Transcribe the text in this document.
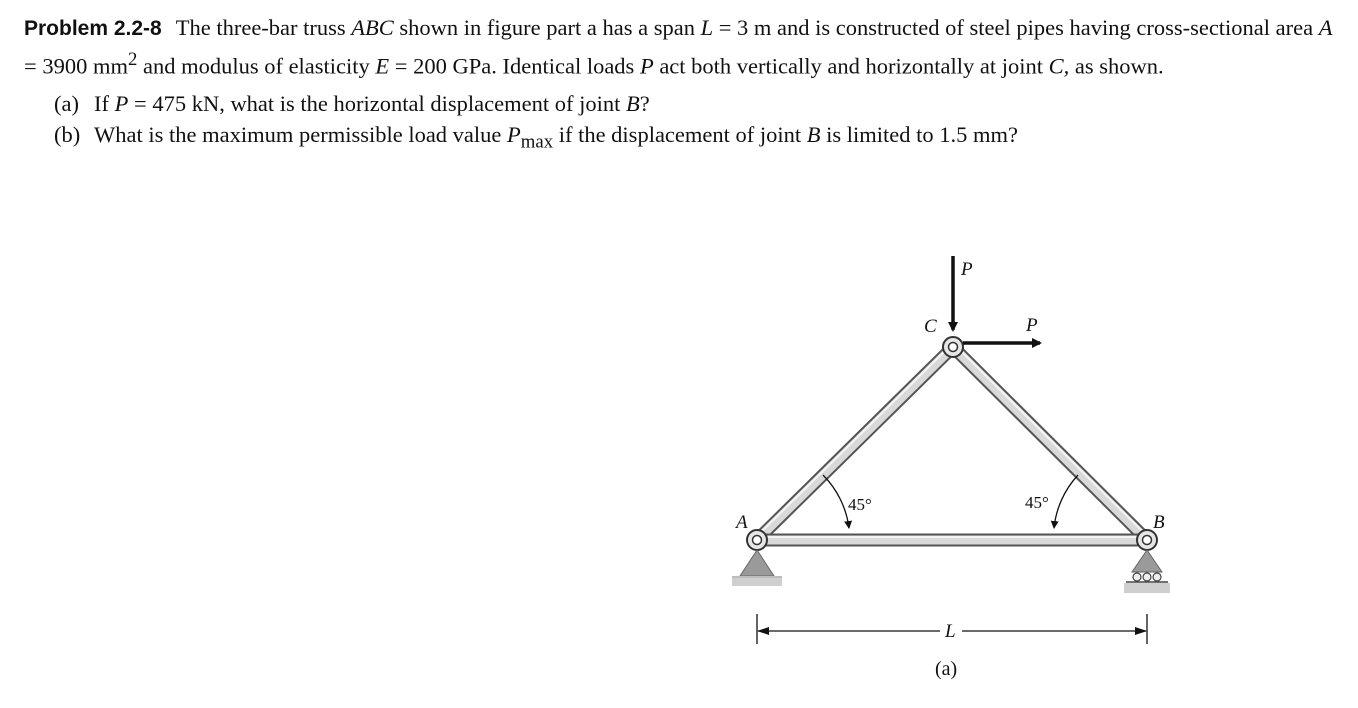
Problem 2.2-8 The three-bar truss ABC shown in figure part a has a span L = 3 m and is constructed of steel pipes having cross-sectional area A = 3900 $mm^2$ and modulus of elasticity E = 200 GPa. Identical loads P act both vertically and horizontally at joint C, as shown.
(a) If P = 475 kN, what is the horizontal displacement of joint B?
(b) What is the maximum permissible load value $P_{max}$ if the displacement of joint B is limited to 1.5 mm?
P
P
C
A	B
45°	45°
L
(a)
